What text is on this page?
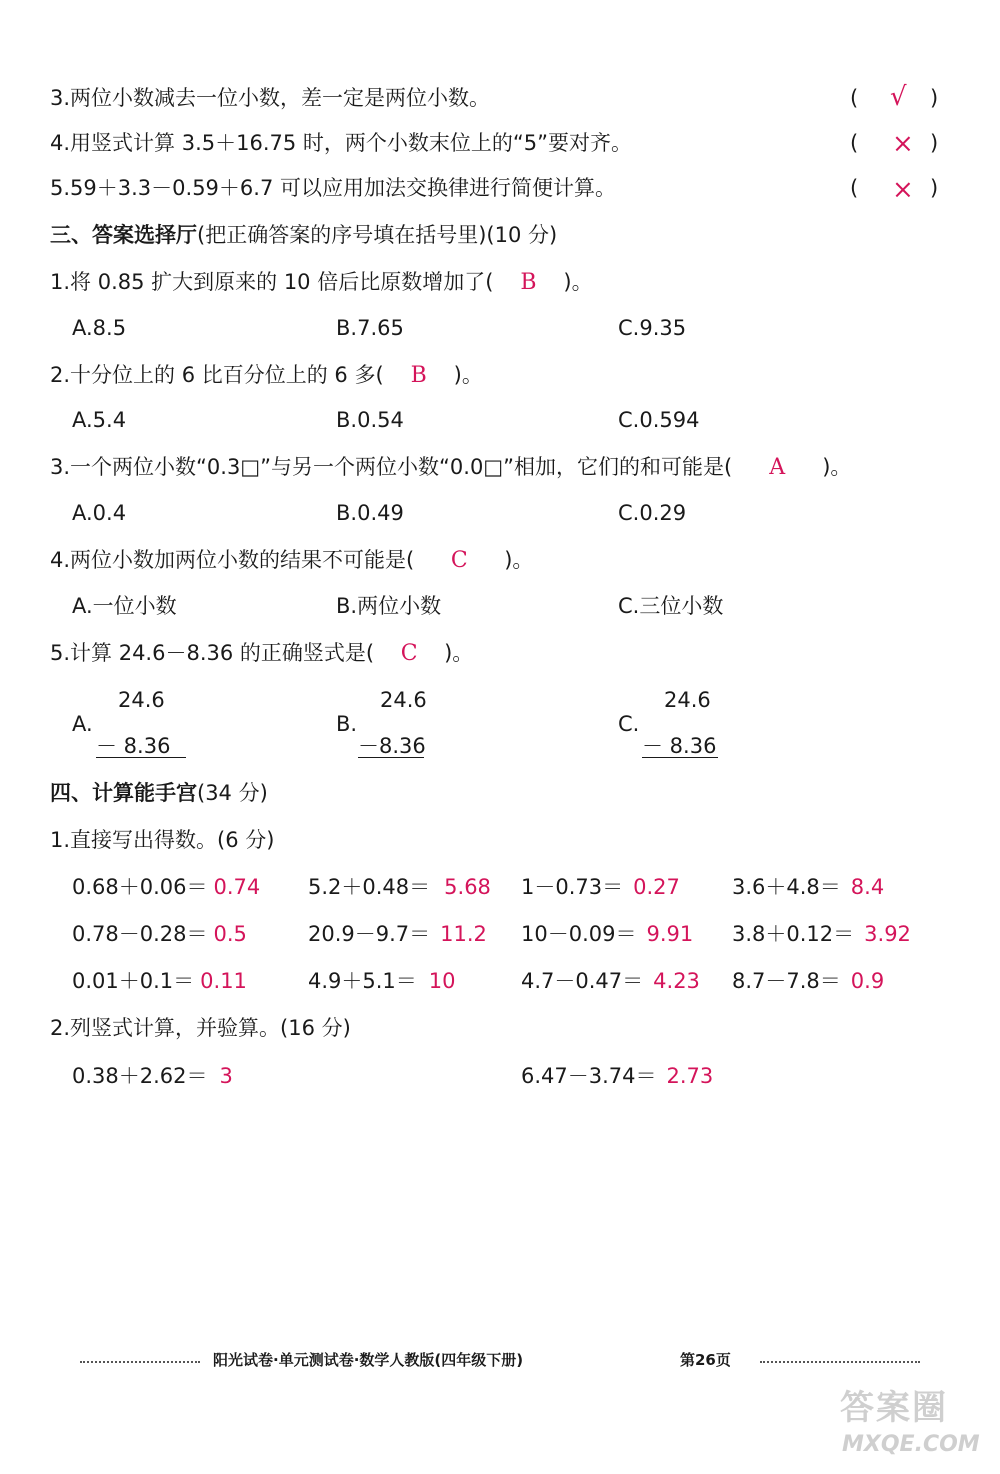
3.两位小数减去一位小数，差一定是两位小数。	( √ )
4.用竖式计算 3.5＋16.75 时，两个小数末位上的“5”要对齐。	( × )
5.59＋3.3－0.59＋6.7 可以应用加法交换律进行简便计算。	( × )
三、答案选择厅(把正确答案的序号填在括号里)(10 分)
1.将 0.85 扩大到原来的 10 倍后比原数增加了( B )。
A.8.5	B.7.65	C.9.35
2.十分位上的 6 比百分位上的 6 多( B )。
A.5.4	B.0.54	C.0.594
3.一个两位小数“0.3□”与另一个两位小数“0.0□”相加，它们的和可能是( A )。
A.0.4	B.0.49	C.0.29
4.两位小数加两位小数的结果不可能是( C )。
A.一位小数	B.两位小数	C.三位小数
5.计算 24.6－8.36 的正确竖式是( C )。
A.
24.6
－ 8.36
B.
24.6
－8.36
C.
24.6
－ 8.36
四、计算能手宫(34 分)
1.直接写出得数。(6 分)
0.68＋0.06＝ 0.74 5.2＋0.48＝ 5.68 1－0.73＝ 0.27 3.6＋4.8＝ 8.4
0.78－0.28＝ 0.5	20.9－9.7＝ 11.2 10－0.09＝ 9.91 3.8＋0.12＝ 3.92
0.01＋0.1＝ 0.11	4.9＋5.1＝ 10	4.7－0.47＝ 4.23 8.7－7.8＝ 0.9
2.列竖式计算，并验算。(16 分)
0.38＋2.62＝ 3	6.47－3.74＝ 2.73
阳光试卷·单元测试卷·数学人教版(四年级下册)	第26页
答案圈
MXQE.COM
